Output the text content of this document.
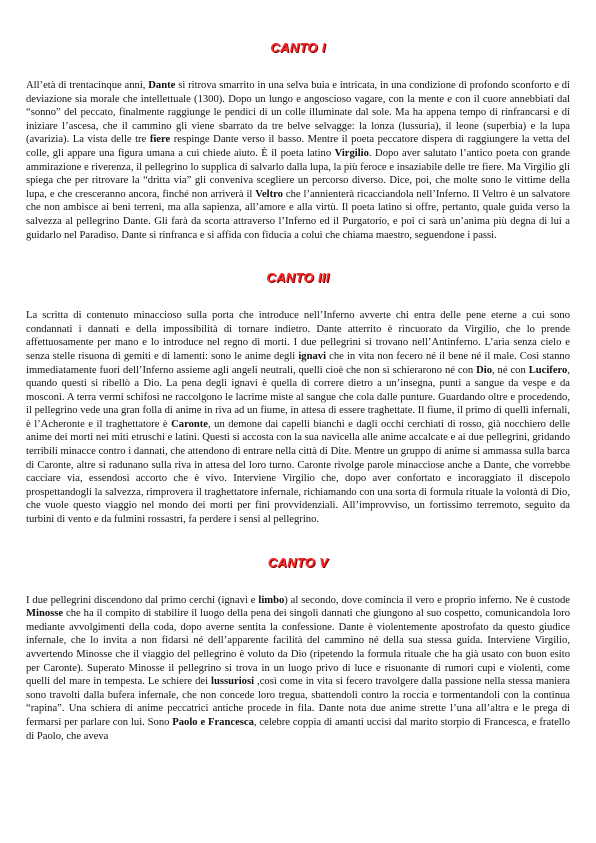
CANTO I

All’età di trentacinque anni, Dante si ritrova smarrito in una selva buia e intricata, in una condizione di profondo sconforto e di deviazione sia morale che intellettuale (1300). Dopo un lungo e angoscioso vagare, con la mente e con il cuore annebbiati dal “sonno” del peccato, finalmente raggiunge le pendici di un colle illuminate dal sole. Ma ha appena tempo di rinfrancarsi e di iniziare l’ascesa, che il cammino gli viene sbarrato da tre belve selvagge: la lonza (lussuria), il leone (superbia) e la lupa (avarizia). La vista delle tre fiere respinge Dante verso il basso. Mentre il poeta peccatore dispera di raggiungere la vetta del colle, gli appare una figura umana a cui chiede aiuto. È il poeta latino Virgilio. Dopo aver salutato l’antico poeta con grande ammirazione e riverenza, il pellegrino lo supplica di salvarlo dalla lupa, la più feroce e insaziabile delle tre fiere. Ma Virgilio gli spiega che per ritrovare la “dritta via” gli conveniva scegliere un percorso diverso. Dice, poi, che molte sono le vittime della lupa, e che cresceranno ancora, finché non arriverà il Veltro che l’annienterà ricacciandola nell’Inferno. Il Veltro è un salvatore che non ambisce ai beni terreni, ma alla sapienza, all’amore e alla virtù. Il poeta latino si offre, pertanto, quale guida verso la salvezza al pellegrino Dante. Gli farà da scorta attraverso l’Inferno ed il Purgatorio, e poi ci sarà un’anima più degna di lui a guidarlo nel Paradiso. Dante si rinfranca e si affida con fiducia a colui che chiama maestro, seguendone i passi.

CANTO III

La scritta di contenuto minaccioso sulla porta che introduce nell’Inferno avverte chi entra delle pene eterne a cui sono condannati i dannati e della impossibilità di tornare indietro. Dante atterrito è rincuorato da Virgilio, che lo prende affettuosamente per mano e lo introduce nel regno di morti. I due pellegrini si trovano nell’Antinferno. L’aria senza cielo e senza stelle risuona di gemiti e di lamenti: sono le anime degli ignavi che in vita non fecero né il bene né il male. Così stanno immediatamente fuori dell’Inferno assieme agli angeli neutrali, quelli cioè che non si schierarono né con Dio, né con Lucifero, quando questi si ribellò a Dio. La pena degli ignavi è quella di correre dietro a un’insegna, punti a sangue da vespe e da mosconi. A terra vermi schifosi ne raccolgono le lacrime miste al sangue che cola dalle punture. Guardando oltre e procedendo, il pellegrino vede una gran folla di anime in riva ad un fiume, in attesa di essere traghettate. Il fiume, il primo di quelli infernali, è l’Acheronte e il traghettatore è Caronte, un demone dai capelli bianchi e dagli occhi cerchiati di rosso, già nocchiero delle anime dei morti nei miti etruschi e latini. Questi si accosta con la sua navicella alle anime accalcate e ai due pellegrini, gridando terribili minacce contro i dannati, che attendono di entrare nella città di Dite. Mentre un gruppo di anime si ammassa sulla barca di Caronte, altre si radunano sulla riva in attesa del loro turno. Caronte rivolge parole minacciose anche a Dante, che vorrebbe cacciare via, essendosi accorto che è vivo. Interviene Virgilio che, dopo aver confortato e incoraggiato il discepolo prospettandogli la salvezza, rimprovera il traghettatore infernale, richiamando con una sorta di formula rituale la volontà di Dio, che vuole questo viaggio nel mondo dei morti per fini provvidenziali. All’improvviso, un fortissimo terremoto, seguito da turbini di vento e da fulmini rossastri, fa perdere i sensi al pellegrino.

CANTO V

I due pellegrini discendono dal primo cerchi (ignavi e limbo) al secondo, dove comincia il vero e proprio inferno. Ne è custode Minosse che ha il compito di stabilire il luogo della pena dei singoli dannati che giungono al suo cospetto, comunicandola loro mediante avvolgimenti della coda, dopo averne sentita la confessione. Dante è violentemente apostrofato da questo giudice infernale, che lo invita a non fidarsi né dell’apparente facilità del cammino né della sua stessa guida. Interviene Virgilio, avvertendo Minosse che il viaggio del pellegrino è voluto da Dio (ripetendo la formula rituale che ha già usato con buon esito per Caronte). Superato Minosse il pellegrino si trova in un luogo privo di luce e risuonante di rumori cupi e violenti, come quelli del mare in tempesta. Le schiere dei lussuriosi ,così come in vita si fecero travolgere dalla passione nella stessa maniera sono travolti dalla bufera infernale, che non concede loro tregua, sbattendoli contro la roccia e tormentandoli con la continua “rapina”. Una schiera di anime peccatrici antiche procede in fila. Dante nota due anime strette l’una all’altra e le prega di fermarsi per parlare con lui. Sono Paolo e Francesca, celebre coppia di amanti uccisi dal marito storpio di Francesca, e fratello di Paolo, che aveva
